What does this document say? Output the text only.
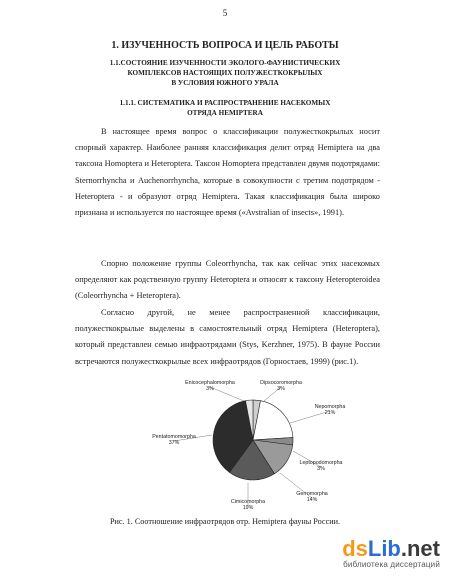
5
1. ИЗУЧЕННОСТЬ ВОПРОСА И ЦЕЛЬ РАБОТЫ
1.1.СОСТОЯНИЕ ИЗУЧЕННОСТИ ЭКОЛОГО-ФАУНИСТИЧЕСКИХ
КОМПЛЕКСОВ НАСТОЯЩИХ ПОЛУЖЕСТКОКРЫЛЫХ
В УСЛОВИЯ ЮЖНОГО УРАЛА
1.1.1. СИСТЕМАТИКА И РАСПРОСТРАНЕНИЕ НАСЕКОМЫХ
ОТРЯДА HEMIPTERA

В настоящее время вопрос о классификации полужесткокрылых носит спорный характер. Наиболее ранняя классификация делит отряд Hemiptera на два таксона Homoptera и Heteroptera. Таксон Homoptera представлен двумя подотрядами: Sternorrhyncha и Auchenorrhyncha, которые в совокупности с третим подотрядом - Heteroptera - и образуют отряд Hemiptera. Такая классификация была широко признана и используется по настоящее время («Avstralian of insects», 1991).

Спорно положение группы Coleorrhyncha, так как сейчас этих насекомых определяют как родственную группу Heteroptera и относят к таксону Heteropteroidea (Coleorrhyncha + Heteroptera).

Согласно другой, не менее распространенной классификации, полужесткокрылые выделены в самостоятельный отряд Hemiptera (Heteroptera), который представлен семью инфраотрядами (Stys, Kerzhner, 1975). В фауне России встречаются полужесткокрылые всех инфраотрядов (Горностаев, 1999) (рис.1).

Dipsocoromorpha
3%
Nepomorpha
21%
Leptopodomorpha
3%
Gerromorpha
14%
Cimicomorpha
19%
Pentatomomorpha
37%
Enicocephalomorpha
3%
Рис. 1. Соотношение инфраотрядов отр. Hemiptera фауны России.
dsLib.net
библиотека диссертаций
